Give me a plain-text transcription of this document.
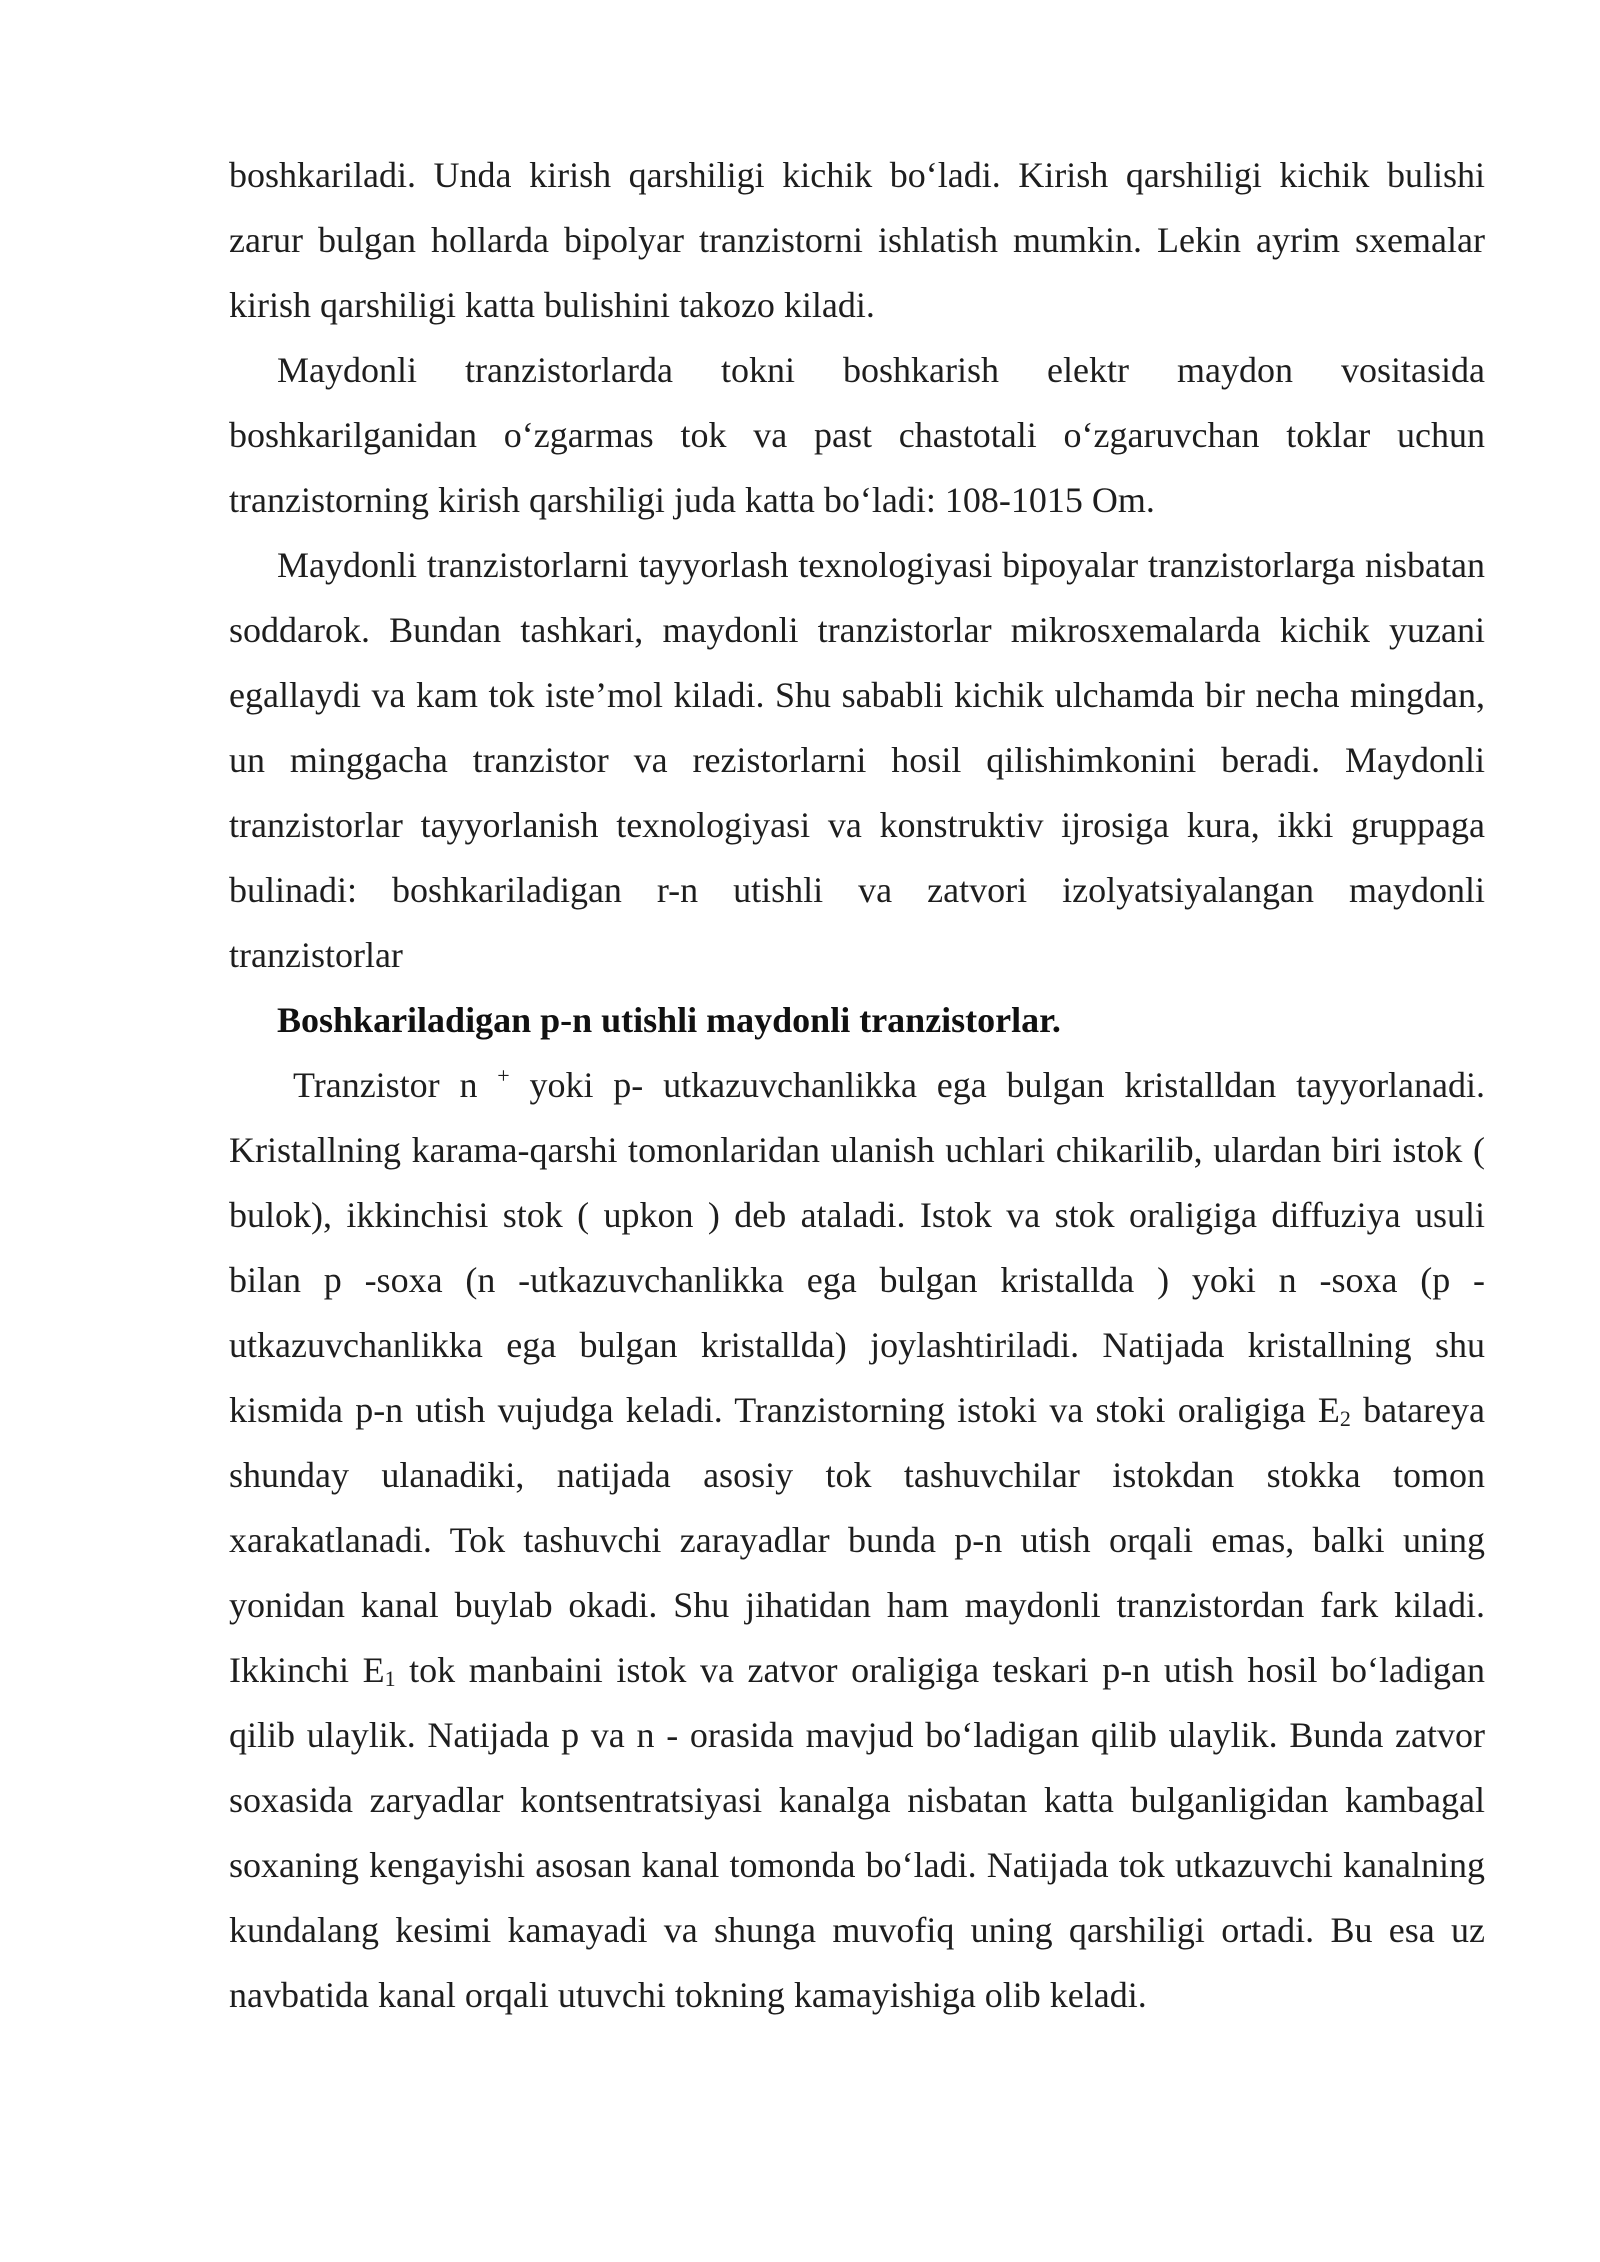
boshkariladi. Unda kirish qarshiligi kichik bo‘ladi. Kirish qarshiligi kichik bulishi zarur bulgan hollarda bipolyar tranzistorni ishlatish mumkin. Lekin ayrim sxemalar kirish qarshiligi katta bulishini takozo kiladi.

Maydonli tranzistorlarda tokni boshkarish elektr maydon vositasida boshkarilganidan o‘zgarmas tok va past chastotali o‘zgaruvchan toklar uchun tranzistorning kirish qarshiligi juda katta bo‘ladi: 108-1015 Om.

Maydonli tranzistorlarni tayyorlash texnologiyasi bipoyalar tranzistorlarga nisbatan soddarok. Bundan tashkari, maydonli tranzistorlar mikrosxemalarda kichik yuzani egallaydi va kam tok iste’mol kiladi. Shu sababli kichik ulchamda bir necha mingdan, un minggacha tranzistor va rezistorlarni hosil qilishimkonini beradi. Maydonli tranzistorlar tayyorlanish texnologiyasi va konstruktiv ijrosiga kura, ikki gruppaga bulinadi: boshkariladigan r-n utishli va zatvori izolyatsiyalangan maydonli tranzistorlar

Boshkariladigan p-n utishli maydonli tranzistorlar.

Tranzistor n + yoki p- utkazuvchanlikka ega bulgan kristalldan tayyorlanadi. Kristallning karama-qarshi tomonlaridan ulanish uchlari chikarilib, ulardan biri istok ( bulok), ikkinchisi stok ( upkon ) deb ataladi. Istok va stok oraligiga diffuziya usuli bilan p -soxa (n -utkazuvchanlikka ega bulgan kristallda ) yoki n -soxa (p -utkazuvchanlikka ega bulgan kristallda) joylashtiriladi. Natijada kristallning shu kismida p-n utish vujudga keladi. Tranzistorning istoki va stoki oraligiga $E_2$ batareya shunday ulanadiki, natijada asosiy tok tashuvchilar istokdan stokka tomon xarakatlanadi. Tok tashuvchi zarayadlar bunda p-n utish orqali emas, balki uning yonidan kanal buylab okadi. Shu jihatidan ham maydonli tranzistordan fark kiladi. Ikkinchi $E_1$ tok manbaini istok va zatvor oraligiga teskari p-n utish hosil bo‘ladigan qilib ulaylik. Natijada p va n - orasida mavjud bo‘ladigan qilib ulaylik. Bunda zatvor soxasida zaryadlar kontsentratsiyasi kanalga nisbatan katta bulganligidan kambagal soxaning kengayishi asosan kanal tomonda bo‘ladi. Natijada tok utkazuvchi kanalning kundalang kesimi kamayadi va shunga muvofiq uning qarshiligi ortadi. Bu esa uz navbatida kanal orqali utuvchi tokning kamayishiga olib keladi.
